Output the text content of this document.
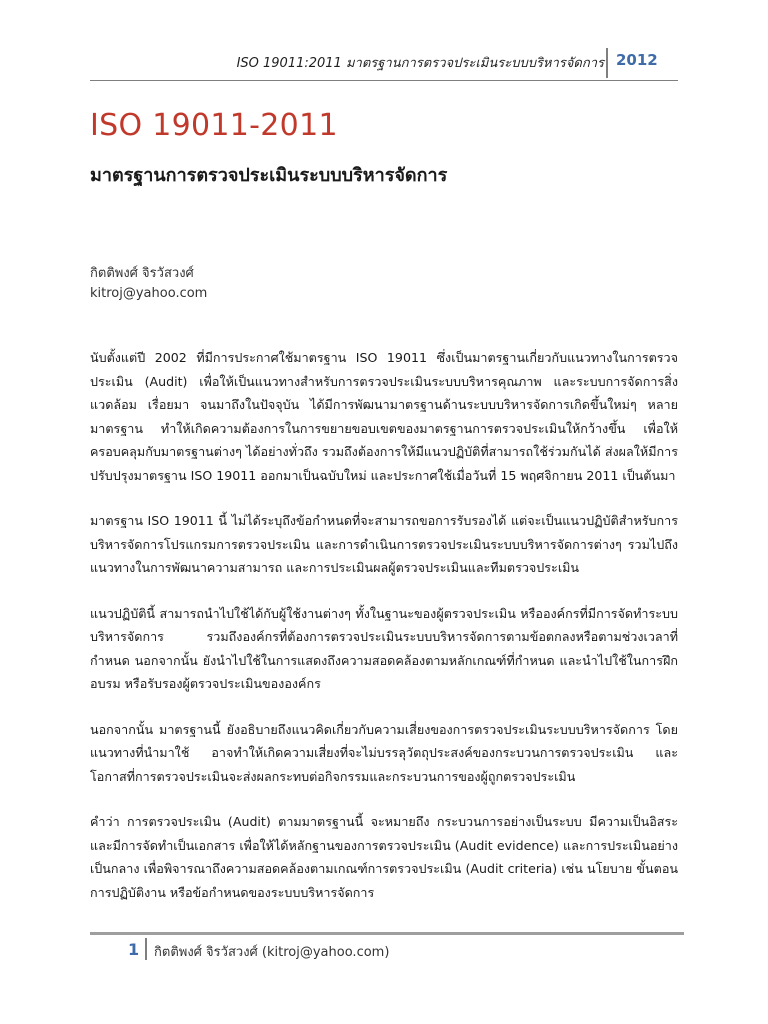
ISO 19011:2011 มาตรฐานการตรวจประเมินระบบบริหารจัดการ 2012
ISO 19011-2011
มาตรฐานการตรวจประเมินระบบบริหารจัดการ
กิตติพงศ์ จิรวัสวงศ์
kitroj@yahoo.com

นับตั้งแต่ปี 2002 ที่มีการประกาศใช้มาตรฐาน ISO 19011 ซึ่งเป็นมาตรฐานเกี่ยวกับแนวทางในการตรวจประเมิน (Audit) เพื่อให้เป็นแนวทางสำหรับการตรวจประเมินระบบบริหารคุณภาพ และระบบการจัดการสิ่งแวดล้อม เรื่อยมา จนมาถึงในปัจจุบัน ได้มีการพัฒนามาตรฐานด้านระบบบริหารจัดการเกิดขึ้นใหม่ๆ หลายมาตรฐาน ทำให้เกิดความต้องการในการขยายขอบเขตของมาตรฐานการตรวจประเมินให้กว้างขึ้น เพื่อให้ครอบคลุมกับมาตรฐานต่างๆ ได้อย่างทั่วถึง รวมถึงต้องการให้มีแนวปฏิบัติที่สามารถใช้ร่วมกันได้ ส่งผลให้มีการปรับปรุงมาตรฐาน ISO 19011 ออกมาเป็นฉบับใหม่ และประกาศใช้เมื่อวันที่ 15 พฤศจิกายน 2011 เป็นต้นมา

มาตรฐาน ISO 19011 นี้ ไม่ได้ระบุถึงข้อกำหนดที่จะสามารถขอการรับรองได้ แต่จะเป็นแนวปฏิบัติสำหรับการบริหารจัดการโปรแกรมการตรวจประเมิน และการดำเนินการตรวจประเมินระบบบริหารจัดการต่างๆ รวมไปถึงแนวทางในการพัฒนาความสามารถ และการประเมินผลผู้ตรวจประเมินและทีมตรวจประเมิน

แนวปฏิบัตินี้ สามารถนำไปใช้ได้กับผู้ใช้งานต่างๆ ทั้งในฐานะของผู้ตรวจประเมิน หรือองค์กรที่มีการจัดทำระบบบริหารจัดการ รวมถึงองค์กรที่ต้องการตรวจประเมินระบบบริหารจัดการตามข้อตกลงหรือตามช่วงเวลาที่กำหนด นอกจากนั้น ยังนำไปใช้ในการแสดงถึงความสอดคล้องตามหลักเกณฑ์ที่กำหนด และนำไปใช้ในการฝึกอบรม หรือรับรองผู้ตรวจประเมินขององค์กร

นอกจากนั้น มาตรฐานนี้ ยังอธิบายถึงแนวคิดเกี่ยวกับความเสี่ยงของการตรวจประเมินระบบบริหารจัดการ โดยแนวทางที่นำมาใช้ อาจทำให้เกิดความเสี่ยงที่จะไม่บรรลุวัตถุประสงค์ของกระบวนการตรวจประเมิน และโอกาสที่การตรวจประเมินจะส่งผลกระทบต่อกิจกรรมและกระบวนการของผู้ถูกตรวจประเมิน

คำว่า การตรวจประเมิน (Audit) ตามมาตรฐานนี้ จะหมายถึง กระบวนการอย่างเป็นระบบ มีความเป็นอิสระ และมีการจัดทำเป็นเอกสาร เพื่อให้ได้หลักฐานของการตรวจประเมิน (Audit evidence) และการประเมินอย่างเป็นกลาง เพื่อพิจารณาถึงความสอดคล้องตามเกณฑ์การตรวจประเมิน (Audit criteria) เช่น นโยบาย ขั้นตอนการปฏิบัติงาน หรือข้อกำหนดของระบบบริหารจัดการ

1 กิตติพงศ์ จิรวัสวงศ์ (kitroj@yahoo.com)
